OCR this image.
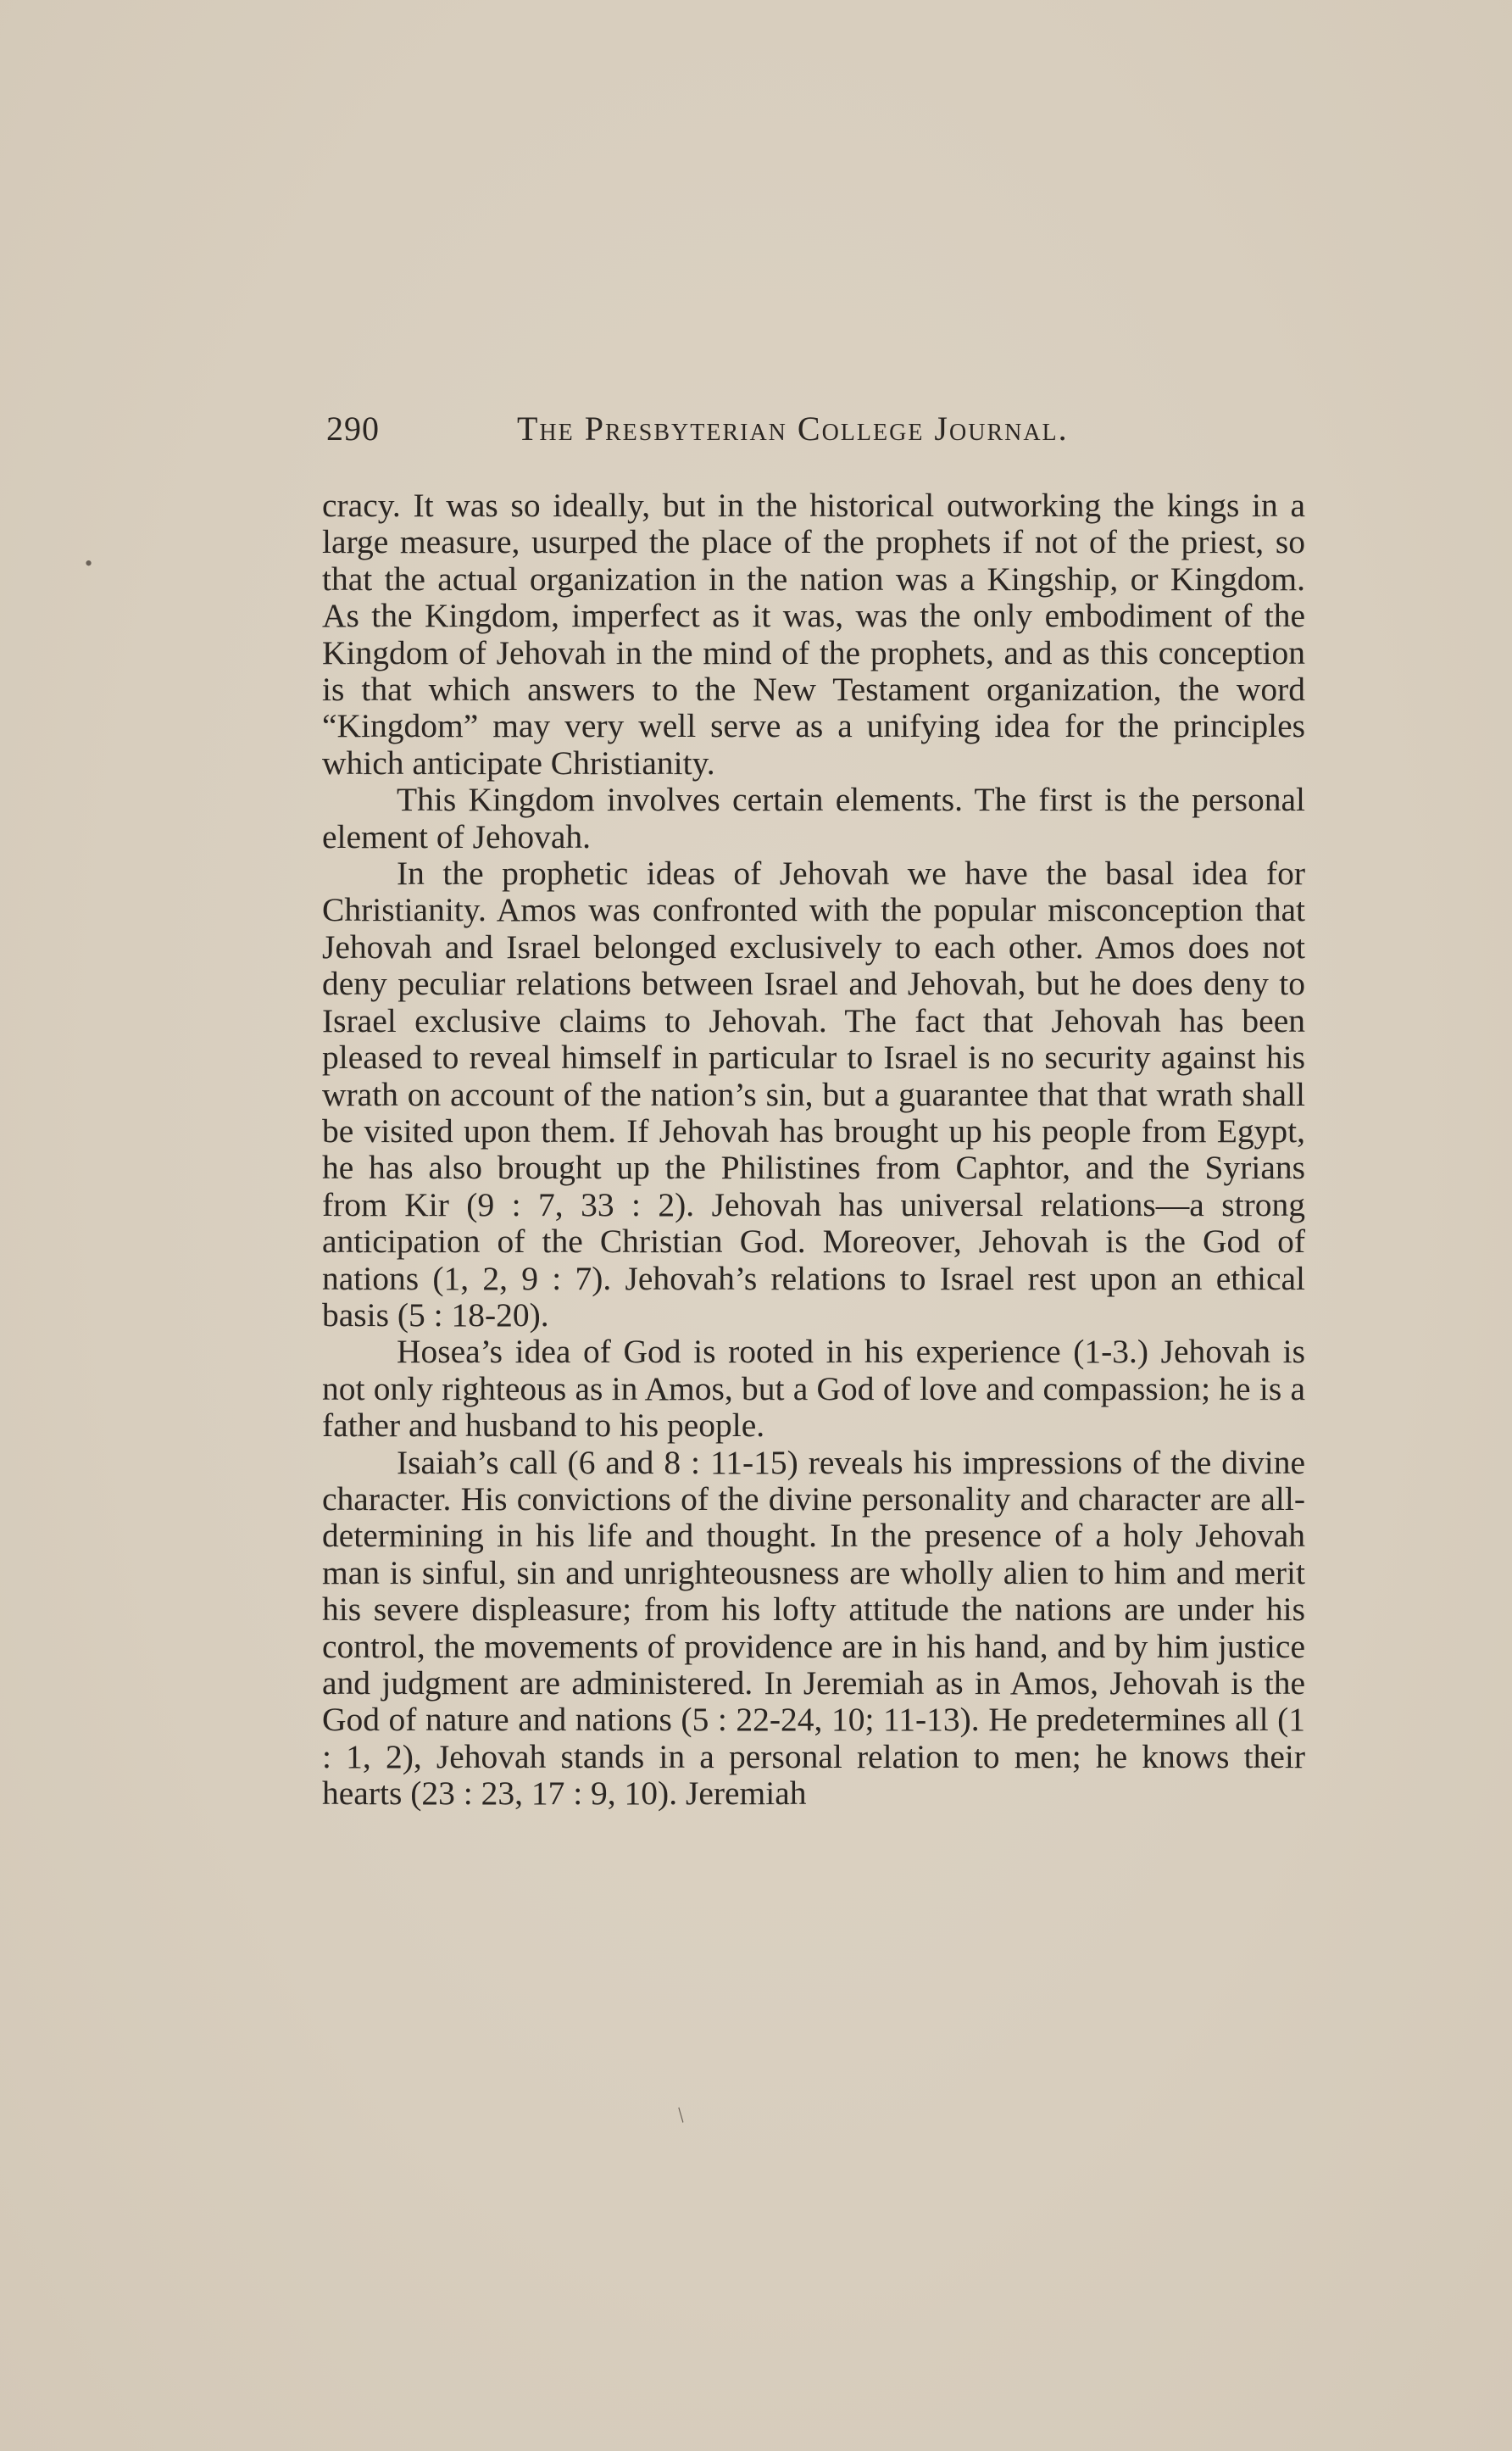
290	The Presbyterian College Journal.

cracy. It was so ideally, but in the historical outworking the kings in a large measure, usurped the place of the prophets if not of the priest, so that the actual organization in the nation was a Kingship, or Kingdom. As the Kingdom, imperfect as it was, was the only embodiment of the Kingdom of Jehovah in the mind of the prophets, and as this conception is that which answers to the New Testament organization, the word “Kingdom” may very well serve as a unifying idea for the principles which anticipate Christianity.

This Kingdom involves certain elements. The first is the personal element of Jehovah.

In the prophetic ideas of Jehovah we have the basal idea for Christianity. Amos was confronted with the popular misconception that Jehovah and Israel belonged exclusively to each other. Amos does not deny peculiar relations between Israel and Jehovah, but he does deny to Israel exclusive claims to Jehovah. The fact that Jehovah has been pleased to reveal himself in particular to Israel is no security against his wrath on account of the nation’s sin, but a guarantee that that wrath shall be visited upon them. If Jehovah has brought up his people from Egypt, he has also brought up the Philistines from Caphtor, and the Syrians from Kir (9 : 7, 33 : 2). Jehovah has universal relations—a strong anticipation of the Christian God. Moreover, Jehovah is the God of nations (1, 2, 9 : 7). Jehovah’s relations to Israel rest upon an ethical basis (5 : 18-20).

Hosea’s idea of God is rooted in his experience (1-3.) Jehovah is not only righteous as in Amos, but a God of love and compassion; he is a father and husband to his people.

Isaiah’s call (6 and 8 : 11-15) reveals his impressions of the divine character. His convictions of the divine personality and character are all-determining in his life and thought. In the presence of a holy Jehovah man is sinful, sin and unrighteousness are wholly alien to him and merit his severe displeasure; from his lofty attitude the nations are under his control, the movements of providence are in his hand, and by him justice and judgment are administered. In Jeremiah as in Amos, Jehovah is the God of nature and nations (5 : 22-24, 10; 11-13). He predetermines all (1 : 1, 2), Jehovah stands in a personal relation to men; he knows their hearts (23 : 23, 17 : 9, 10). Jeremiah

•
/
